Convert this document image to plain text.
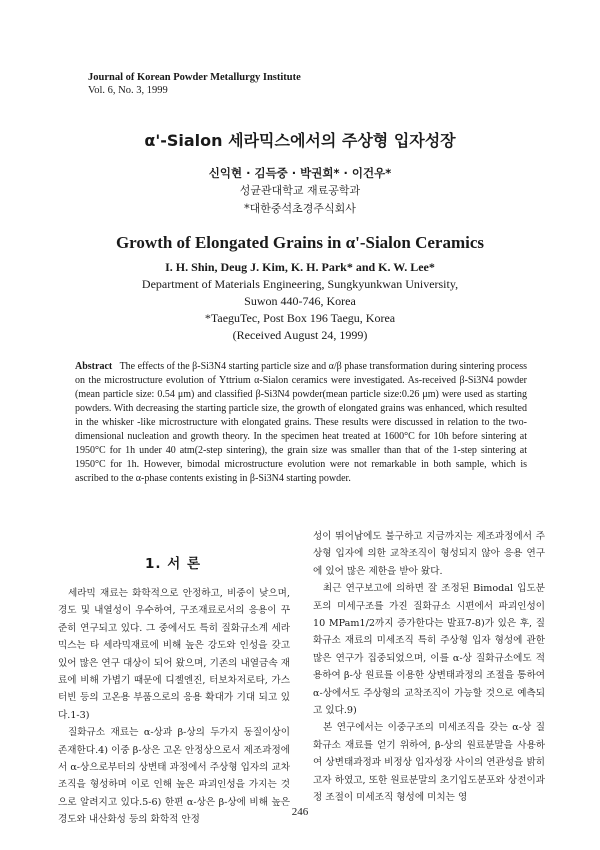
Journal of Korean Powder Metallurgy Institute
Vol. 6, No. 3, 1999
α'-Sialon 세라믹스에서의 주상형 입자성장
신익현 · 김득중 · 박권희* · 이건우*
성균관대학교 재료공학과
*대한중석초경주식회사
Growth of Elongated Grains in α'-Sialon Ceramics
I. H. Shin, Deug J. Kim, K. H. Park* and K. W. Lee*
Department of Materials Engineering, Sungkyunkwan University,
Suwon 440-746, Korea
*TaeguTec, Post Box 196 Taegu, Korea
(Received August 24, 1999)
Abstract The effects of the β-Si3N4 starting particle size and α/β phase transformation during sintering process on the microstructure evolution of Yttrium α-Sialon ceramics were investigated. As-received β-Si3N4 powder (mean particle size: 0.54 μm) and classified β-Si3N4 powder(mean particle size:0.26 μm) were used as starting powders. With decreasing the starting particle size, the growth of elongated grains was enhanced, which resulted in the whisker -like microstructure with elongated grains. These results were discussed in relation to the two-dimensional nucleation and growth theory. In the specimen heat treated at 1600°C for 10h before sintering at 1950°C for 1h under 40 atm(2-step sintering), the grain size was smaller than that of the 1-step sintering at 1950°C for 1h. However, bimodal microstructure evolution were not remarkable in both sample, which is ascribed to the α-phase contents existing in β-Si3N4 starting powder.
1. 서 론

세라믹 재료는 화학적으로 안정하고, 비중이 낮으며, 경도 및 내열성이 우수하여, 구조재료로서의 응용이 꾸준히 연구되고 있다. 그 중에서도 특히 질화규소계 세라믹스는 타 세라믹재료에 비해 높은 강도와 인성을 갖고 있어 많은 연구 대상이 되어 왔으며, 기존의 내열금속 재료에 비해 가볍기 때문에 디젤엔진, 터보차저로타, 가스터빈 등의 고온용 부품으로의 응용 확대가 기대 되고 있다.1-3)

질화규소 재료는 α-상과 β-상의 두가지 동질이상이 존재한다.4) 이중 β-상은 고온 안정상으로서 제조과정에서 α-상으로부터의 상변태 과정에서 주상형 입자의 교차조직을 형성하며 이로 인해 높은 파괴인성을 가지는 것으로 알려지고 있다.5-6) 한편 α-상은 β-상에 비해 높은 경도와 내산화성 등의 화학적 안정

성이 뛰어남에도 불구하고 지금까지는 제조과정에서 주상형 입자에 의한 교착조직이 형성되지 않아 응용 연구에 있어 많은 제한을 받아 왔다.

최근 연구보고에 의하면 잘 조정된 Bimodal 입도분포의 미세구조를 가진 질화규소 시편에서 파괴인성이 10 MPam1/2까지 증가한다는 발표7-8)가 있은 후, 질화규소 재료의 미세조직 특히 주상형 입자 형성에 관한 많은 연구가 집중되었으며, 이를 α-상 질화규소에도 적용하여 β-상 원료를 이용한 상변태과정의 조절을 통하여 α-상에서도 주상형의 교착조직이 가능할 것으로 예측되고 있다.9)

본 연구에서는 이중구조의 미세조직을 갖는 α-상 질화규소 재료를 얻기 위하여, β-상의 원료분말을 사용하여 상변태과정과 비정상 입자성장 사이의 연관성을 밝히고자 하였고, 또한 원료분말의 초기입도분포와 상전이과정 조절이 미세조직 형성에 미치는 영

246
